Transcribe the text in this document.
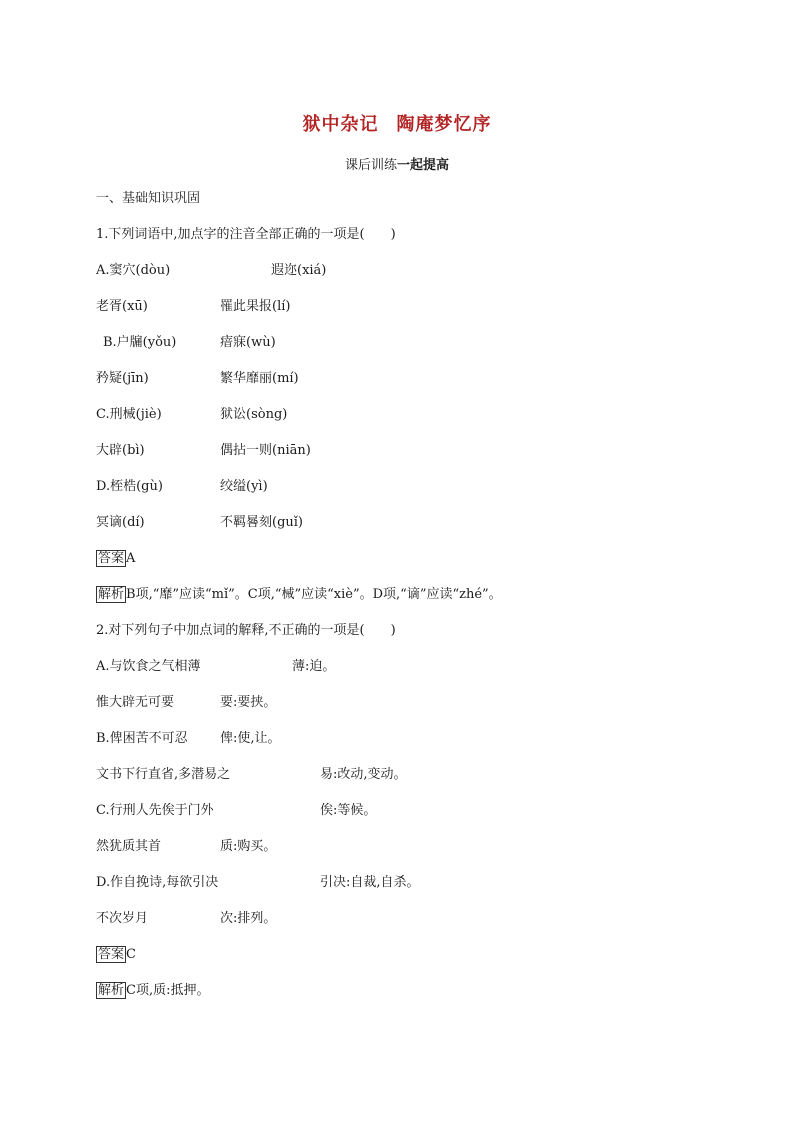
狱中杂记 陶庵梦忆序
课后训练一起提高
一、基础知识巩固
1.下列词语中,加点字的注音全部正确的一项是(　　)
A.窦穴(dòu)	遐迩(xiá)
老胥(xū)	罹此果报(lí)
B.户牖(yǒu)	瘖寐(wù)
矜疑(jīn)	繁华靡丽(mí)
C.刑械(jiè)	狱讼(sòng)
大辟(bì)	偶拈一则(niān)
D.桎梏(gù)	绞缢(yì)
冥谪(dí)	不羁晷刻(guǐ)
答案 A
解析 B项,“靡”应读“mǐ”。C项,“械”应读“xiè”。D项,“谪”应读“zhé”。
2.对下列句子中加点词的解释,不正确的一项是(　　)
A.与饮食之气相薄	薄:迫。
惟大辟无可要	要:要挟。
B.俾困苦不可忍 俾:使,让。
文书下行直省,多潜易之	易:改动,变动。
C.行刑人先俟于门外	俟:等候。
然犹质其首	质:购买。
D.作自挽诗,每欲引决	引决:自裁,自杀。
不次岁月	次:排列。
答案 C
解析 C项,质:抵押。
